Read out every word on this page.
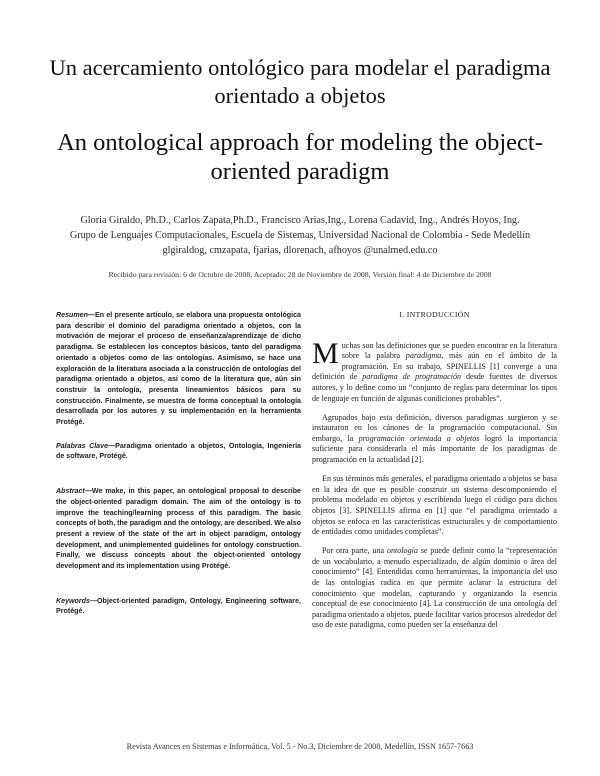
Un acercamiento ontológico para modelar el paradigma orientado a objetos
An ontological approach for modeling the object-oriented paradigm
Gloria Giraldo, Ph.D., Carlos Zapata,Ph.D., Francisco Arias,Ing., Lorena Cadavid, Ing., Andrés Hoyos, Ing.
Grupo de Lenguajes Computacionales, Escuela de Sistemas, Universidad Nacional de Colombia - Sede Medellín
glgiraldog, cmzapata, fjarias, dlorenach, afhoyos @unalmed.edu.co
Recibido para revisión: 6 de Octubre de 2008, Aceptado: 28 de Noviembre de 2008, Versión final: 4 de Diciembre de 2008

Resumen—En el presente artículo, se elabora una propuesta ontológica para describir el dominio del paradigma orientado a objetos, con la motivación de mejorar el proceso de enseñanza/aprendizaje de dicho paradigma. Se establecen los conceptos básicos, tanto del paradigma orientado a objetos como de las ontologías. Asimismo, se hace una exploración de la literatura asociada a la construcción de ontologías del paradigma orientado a objetos, así como de la literatura que, aún sin construir la ontología, presenta lineamientos básicos para su construcción. Finalmente, se muestra de forma conceptual la ontología desarrollada por los autores y su implementación en la herramienta Protégé.

Palabras Clave—Paradigma orientado a objetos, Ontología, Ingeniería de software, Protégé.

Abstract—We make, in this paper, an ontological proposal to describe the object-oriented paradigm domain. The aim of the ontology is to improve the teaching/learning process of this paradigm. The basic concepts of both, the paradigm and the ontology, are described. We also present a review of the state of the art in object paradigm, ontology development, and unimplemented guidelines for ontology construction. Finally, we discuss concepts about the object-oriented ontology development and its implementation using Protégé.

Keywords—Object-oriented paradigm, Ontology, Engineering software, Protégé.

I. INTRODUCCIÓN

Muchas son las definiciones que se pueden encontrar en la literatura sobre la palabra paradigma, más aún en el ámbito de la programación. En su trabajo, SPINELLIS [1] converge a una definición de paradigma de programación desde fuentes de diversos autores, y lo define como un “conjunto de reglas para determinar los tipos de lenguaje en función de algunas condiciones probables”.

Agrupados bajo esta definición, diversos paradigmas surgieron y se instauraron en los cánones de la programación computacional. Sin embargo, la programación orientada a objetos logró la importancia suficiente para considerarla el más importante de los paradigmas de programación en la actualidad [2].

En sus términos más generales, el paradigma orientado a objetos se basa en la idea de que es posible construir un sistema descomponiendo el problema modelado en objetos y escribiendo luego el código para dichos objetos [3]. SPINELLIS afirma en [1] que “el paradigma orientado a objetos se enfoca en las características estructurales y de comportamiento de entidades como unidades completas”.

Por otra parte, una ontología se puede definir como la “representación de un vocabulario, a menudo especializado, de algún dominio o área del conocimiento” [4]. Entendidas como herramientas, la importancia del uso de las ontologías radica en que permite aclarar la estructura del conocimiento que modelan, capturando y organizando la esencia conceptual de ese conocimiento [4]. La construcción de una ontología del paradigma orientado a objetos, puede facilitar varios procesos alrededor del uso de este paradigma, como pueden ser la enseñanza del

Revista Avances en Sistemas e Informática, Vol. 5 - No.3, Diciembre de 2008, Medellín, ISSN 1657-7663
